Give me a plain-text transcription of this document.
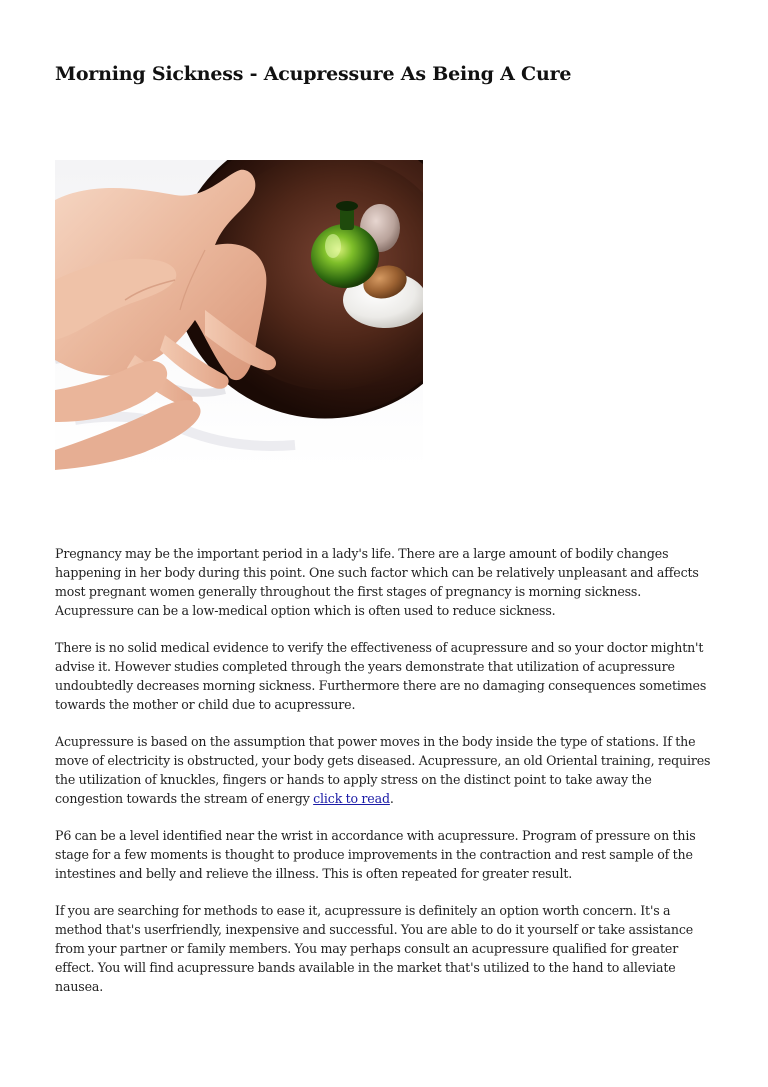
Morning Sickness - Acupressure As Being A Cure

Pregnancy may be the important period in a lady's life. There are a large amount of bodily changes happening in her body during this point. One such factor which can be relatively unpleasant and affects most pregnant women generally throughout the first stages of pregnancy is morning sickness. Acupressure can be a low-medical option which is often used to reduce sickness.

There is no solid medical evidence to verify the effectiveness of acupressure and so your doctor mightn't advise it. However studies completed through the years demonstrate that utilization of acupressure undoubtedly decreases morning sickness. Furthermore there are no damaging consequences sometimes towards the mother or child due to acupressure.

Acupressure is based on the assumption that power moves in the body inside the type of stations. If the move of electricity is obstructed, your body gets diseased. Acupressure, an old Oriental training, requires the utilization of knuckles, fingers or hands to apply stress on the distinct point to take away the congestion towards the stream of energy click to read.

P6 can be a level identified near the wrist in accordance with acupressure. Program of pressure on this stage for a few moments is thought to produce improvements in the contraction and rest sample of the intestines and belly and relieve the illness. This is often repeated for greater result.

If you are searching for methods to ease it, acupressure is definitely an option worth concern. It's a method that's userfriendly, inexpensive and successful. You are able to do it yourself or take assistance from your partner or family members. You may perhaps consult an acupressure qualified for greater effect. You will find acupressure bands available in the market that's utilized to the hand to alleviate nausea.
